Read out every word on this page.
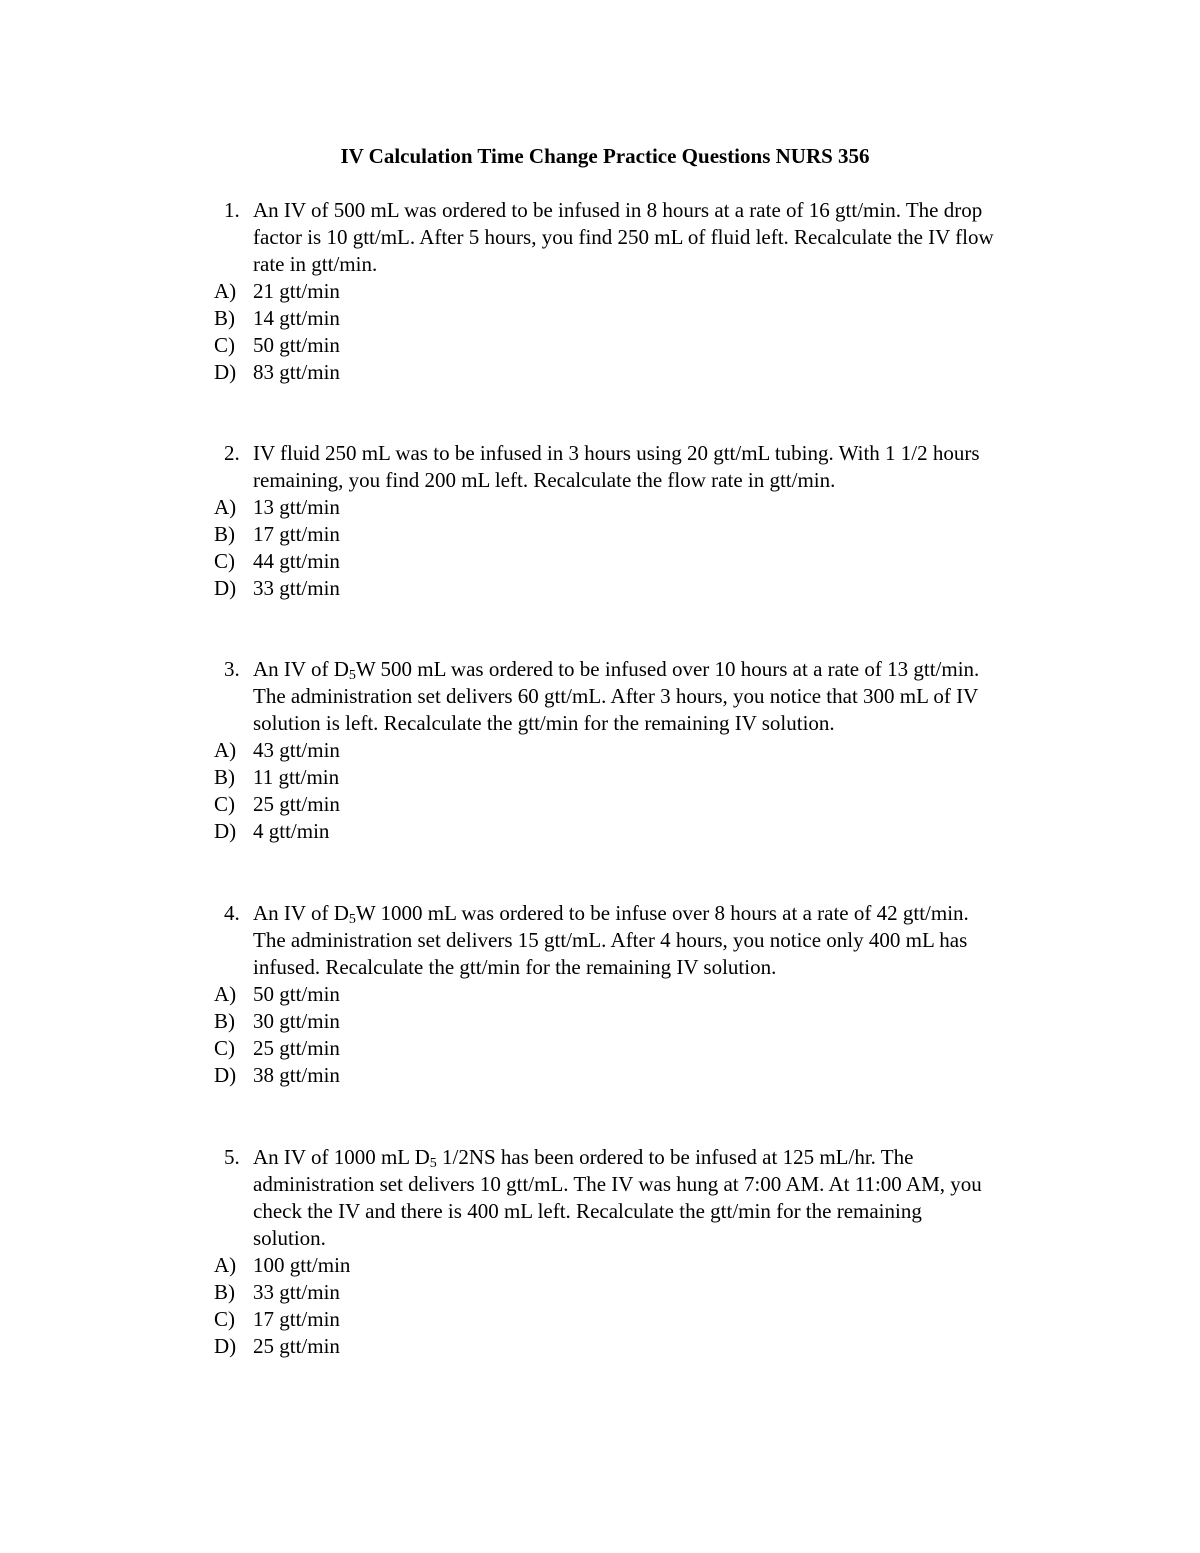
IV Calculation Time Change Practice Questions NURS 356
1. An IV of 500 mL was ordered to be infused in 8 hours at a rate of 16 gtt/min. The drop
factor is 10 gtt/mL. After 5 hours, you find 250 mL of fluid left. Recalculate the IV flow
rate in gtt/min.
A) 21 gtt/min
B) 14 gtt/min
C) 50 gtt/min
D) 83 gtt/min
2. IV fluid 250 mL was to be infused in 3 hours using 20 gtt/mL tubing. With 1 1/2 hours
remaining, you find 200 mL left. Recalculate the flow rate in gtt/min.
A) 13 gtt/min
B) 17 gtt/min
C) 44 gtt/min
D) 33 gtt/min
3. An IV of $D_5W$ 500 mL was ordered to be infused over 10 hours at a rate of 13 gtt/min.
The administration set delivers 60 gtt/mL. After 3 hours, you notice that 300 mL of IV
solution is left. Recalculate the gtt/min for the remaining IV solution.
A) 43 gtt/min
B) 11 gtt/min
C) 25 gtt/min
D) 4 gtt/min
4. An IV of $D_5W$ 1000 mL was ordered to be infuse over 8 hours at a rate of 42 gtt/min.
The administration set delivers 15 gtt/mL. After 4 hours, you notice only 400 mL has
infused. Recalculate the gtt/min for the remaining IV solution.
A) 50 gtt/min
B) 30 gtt/min
C) 25 gtt/min
D) 38 gtt/min
5. An IV of 1000 mL $D_5$ 1/2NS has been ordered to be infused at 125 mL/hr. The
administration set delivers 10 gtt/mL. The IV was hung at 7:00 AM. At 11:00 AM, you
check the IV and there is 400 mL left. Recalculate the gtt/min for the remaining
solution.
A) 100 gtt/min
B) 33 gtt/min
C) 17 gtt/min
D) 25 gtt/min
